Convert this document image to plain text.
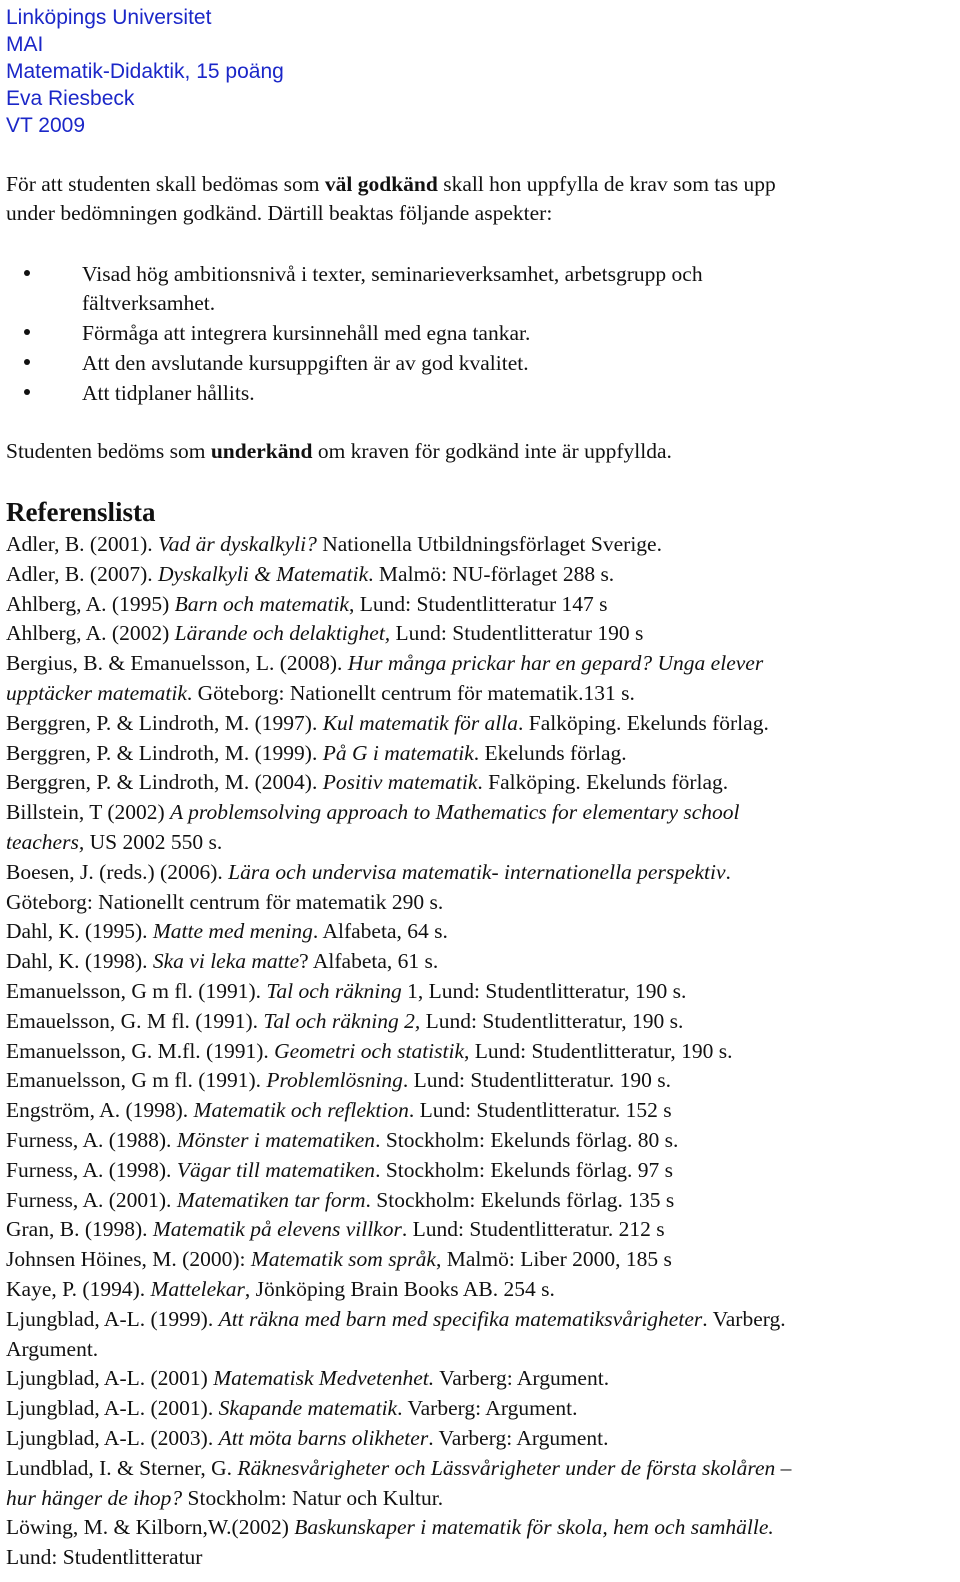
Linköpings Universitet
MAI
Matematik-Didaktik, 15 poäng
Eva Riesbeck
VT 2009
För att studenten skall bedömas som väl godkänd skall hon uppfylla de krav som tas upp
under bedömningen godkänd. Därtill beaktas följande aspekter:
Visad hög ambitionsnivå i texter, seminarieverksamhet, arbetsgrupp och
fältverksamhet.
Förmåga att integrera kursinnehåll med egna tankar.
Att den avslutande kursuppgiften är av god kvalitet.
Att tidplaner hållits.
Studenten bedöms som underkänd om kraven för godkänd inte är uppfyllda.
Referenslista
Adler, B. (2001). Vad är dyskalkyli? Nationella Utbildningsförlaget Sverige.
Adler, B. (2007). Dyskalkyli & Matematik. Malmö: NU-förlaget 288 s.
Ahlberg, A. (1995) Barn och matematik, Lund: Studentlitteratur 147 s
Ahlberg, A. (2002) Lärande och delaktighet, Lund: Studentlitteratur 190 s
Bergius, B. & Emanuelsson, L. (2008). Hur många prickar har en gepard? Unga elever
upptäcker matematik. Göteborg: Nationellt centrum för matematik.131 s.
Berggren, P. & Lindroth, M. (1997). Kul matematik för alla. Falköping. Ekelunds förlag.
Berggren, P. & Lindroth, M. (1999). På G i matematik. Ekelunds förlag.
Berggren, P. & Lindroth, M. (2004). Positiv matematik. Falköping. Ekelunds förlag.
Billstein, T (2002) A problemsolving approach to Mathematics for elementary school
teachers, US 2002 550 s.
Boesen, J. (reds.) (2006). Lära och undervisa matematik- internationella perspektiv.
Göteborg: Nationellt centrum för matematik 290 s.
Dahl, K. (1995). Matte med mening. Alfabeta, 64 s.
Dahl, K. (1998). Ska vi leka matte? Alfabeta, 61 s.
Emanuelsson, G m fl. (1991). Tal och räkning 1, Lund: Studentlitteratur, 190 s.
Emauelsson, G. M fl. (1991). Tal och räkning 2, Lund: Studentlitteratur, 190 s.
Emanuelsson, G. M.fl. (1991). Geometri och statistik, Lund: Studentlitteratur, 190 s.
Emanuelsson, G m fl. (1991). Problemlösning. Lund: Studentlitteratur. 190 s.
Engström, A. (1998). Matematik och reflektion. Lund: Studentlitteratur. 152 s
Furness, A. (1988). Mönster i matematiken. Stockholm: Ekelunds förlag. 80 s.
Furness, A. (1998). Vägar till matematiken. Stockholm: Ekelunds förlag. 97 s
Furness, A. (2001). Matematiken tar form. Stockholm: Ekelunds förlag. 135 s
Gran, B. (1998). Matematik på elevens villkor. Lund: Studentlitteratur. 212 s
Johnsen Höines, M. (2000): Matematik som språk, Malmö: Liber 2000, 185 s
Kaye, P. (1994). Mattelekar, Jönköping Brain Books AB. 254 s.
Ljungblad, A-L. (1999). Att räkna med barn med specifika matematiksvårigheter. Varberg.
Argument.
Ljungblad, A-L. (2001) Matematisk Medvetenhet. Varberg: Argument.
Ljungblad, A-L. (2001). Skapande matematik. Varberg: Argument.
Ljungblad, A-L. (2003). Att möta barns olikheter. Varberg: Argument.
Lundblad, I. & Sterner, G. Räknesvårigheter och Lässvårigheter under de första skolåren –
hur hänger de ihop? Stockholm: Natur och Kultur.
Löwing, M. & Kilborn,W.(2002) Baskunskaper i matematik för skola, hem och samhälle.
Lund: Studentlitteratur
